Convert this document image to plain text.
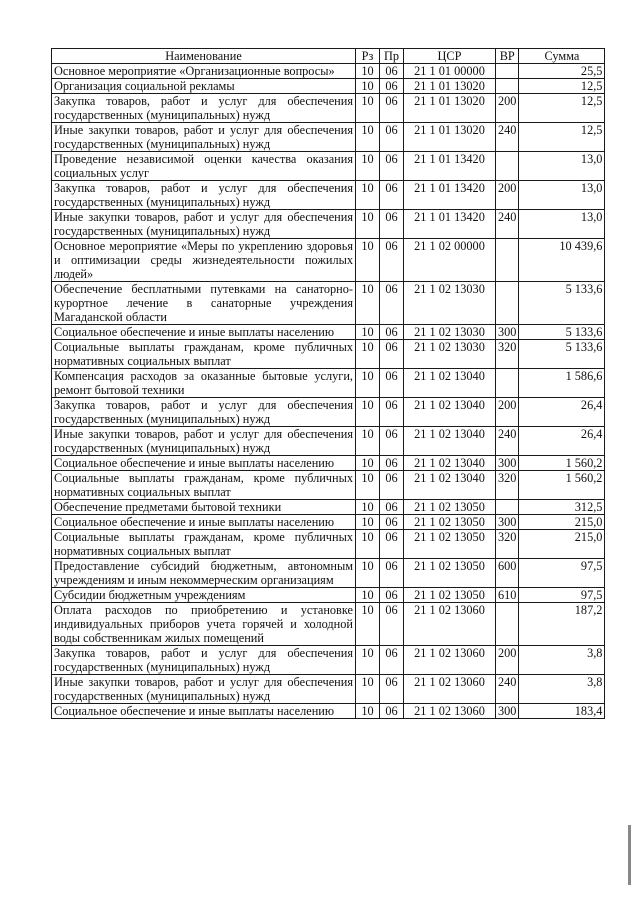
Наименование	Рз	Пр	ЦСР	ВР	Сумма
Основное мероприятие «Организационные вопросы»	10	06	21 1 01 00000		25,5
Организация социальной рекламы	10	06	21 1 01 13020		12,5
Закупка товаров, работ и услуг для обеспечения государственных (муниципальных) нужд	10	06	21 1 01 13020	200	12,5
Иные закупки товаров, работ и услуг для обеспечения государственных (муниципальных) нужд	10	06	21 1 01 13020	240	12,5
Проведение независимой оценки качества оказания социальных услуг	10	06	21 1 01 13420		13,0
Закупка товаров, работ и услуг для обеспечения государственных (муниципальных) нужд	10	06	21 1 01 13420	200	13,0
Иные закупки товаров, работ и услуг для обеспечения государственных (муниципальных) нужд	10	06	21 1 01 13420	240	13,0
Основное мероприятие «Меры по укреплению здоровья и оптимизации среды жизнедеятельности пожилых людей»	10	06	21 1 02 00000		10 439,6
Обеспечение бесплатными путевками на санаторно-курортное лечение в санаторные учреждения Магаданской области	10	06	21 1 02 13030		5 133,6
Социальное обеспечение и иные выплаты населению	10	06	21 1 02 13030	300	5 133,6
Социальные выплаты гражданам, кроме публичных нормативных социальных выплат	10	06	21 1 02 13030	320	5 133,6
Компенсация расходов за оказанные бытовые услуги, ремонт бытовой техники	10	06	21 1 02 13040		1 586,6
Закупка товаров, работ и услуг для обеспечения государственных (муниципальных) нужд	10	06	21 1 02 13040	200	26,4
Иные закупки товаров, работ и услуг для обеспечения государственных (муниципальных) нужд	10	06	21 1 02 13040	240	26,4
Социальное обеспечение и иные выплаты населению	10	06	21 1 02 13040	300	1 560,2
Социальные выплаты гражданам, кроме публичных нормативных социальных выплат	10	06	21 1 02 13040	320	1 560,2
Обеспечение предметами бытовой техники	10	06	21 1 02 13050		312,5
Социальное обеспечение и иные выплаты населению	10	06	21 1 02 13050	300	215,0
Социальные выплаты гражданам, кроме публичных нормативных социальных выплат	10	06	21 1 02 13050	320	215,0
Предоставление субсидий бюджетным, автономным учреждениям и иным некоммерческим организациям	10	06	21 1 02 13050	600	97,5
Субсидии бюджетным учреждениям	10	06	21 1 02 13050	610	97,5
Оплата расходов по приобретению и установке индивидуальных приборов учета горячей и холодной воды собственникам жилых помещений	10	06	21 1 02 13060		187,2
Закупка товаров, работ и услуг для обеспечения государственных (муниципальных) нужд	10	06	21 1 02 13060	200	3,8
Иные закупки товаров, работ и услуг для обеспечения государственных (муниципальных) нужд	10	06	21 1 02 13060	240	3,8
Социальное обеспечение и иные выплаты населению	10	06	21 1 02 13060	300	183,4
